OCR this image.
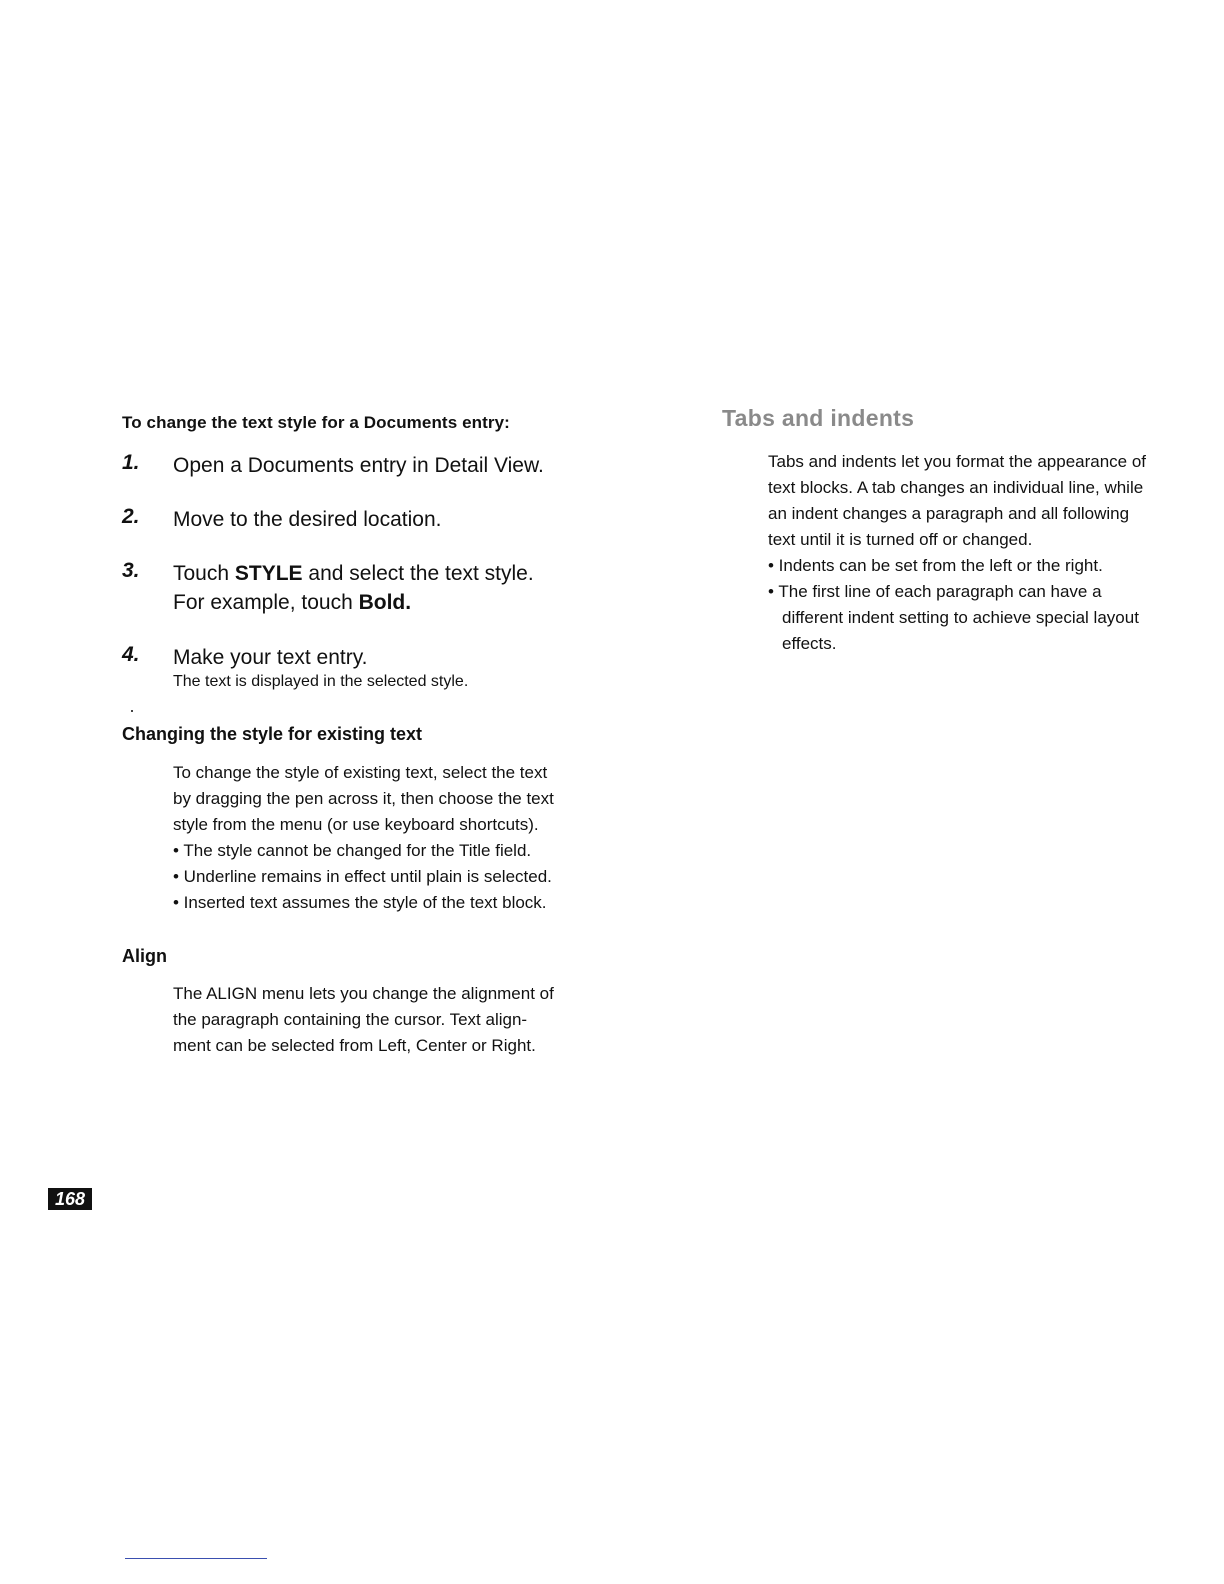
To change the text style for a Documents entry:
1. Open a Documents entry in Detail View.
2. Move to the desired location.
3. Touch STYLE and select the text style.
For example, touch Bold.
4. Make your text entry.
The text is displayed in the selected style.
Changing the style for existing text

To change the style of existing text, select the text

by dragging the pen across it, then choose the text

style from the menu (or use keyboard shortcuts).

• The style cannot be changed for the Title field.

• Underline remains in effect until plain is selected.

• Inserted text assumes the style of the text block.

Align

The ALIGN menu lets you change the alignment of

the paragraph containing the cursor. Text align-

ment can be selected from Left, Center or Right.

Tabs and indents

Tabs and indents let you format the appearance of

text blocks. A tab changes an individual line, while

an indent changes a paragraph and all following

text until it is turned off or changed.

• Indents can be set from the left or the right.

• The first line of each paragraph can have a

different indent setting to achieve special layout

effects.

168
